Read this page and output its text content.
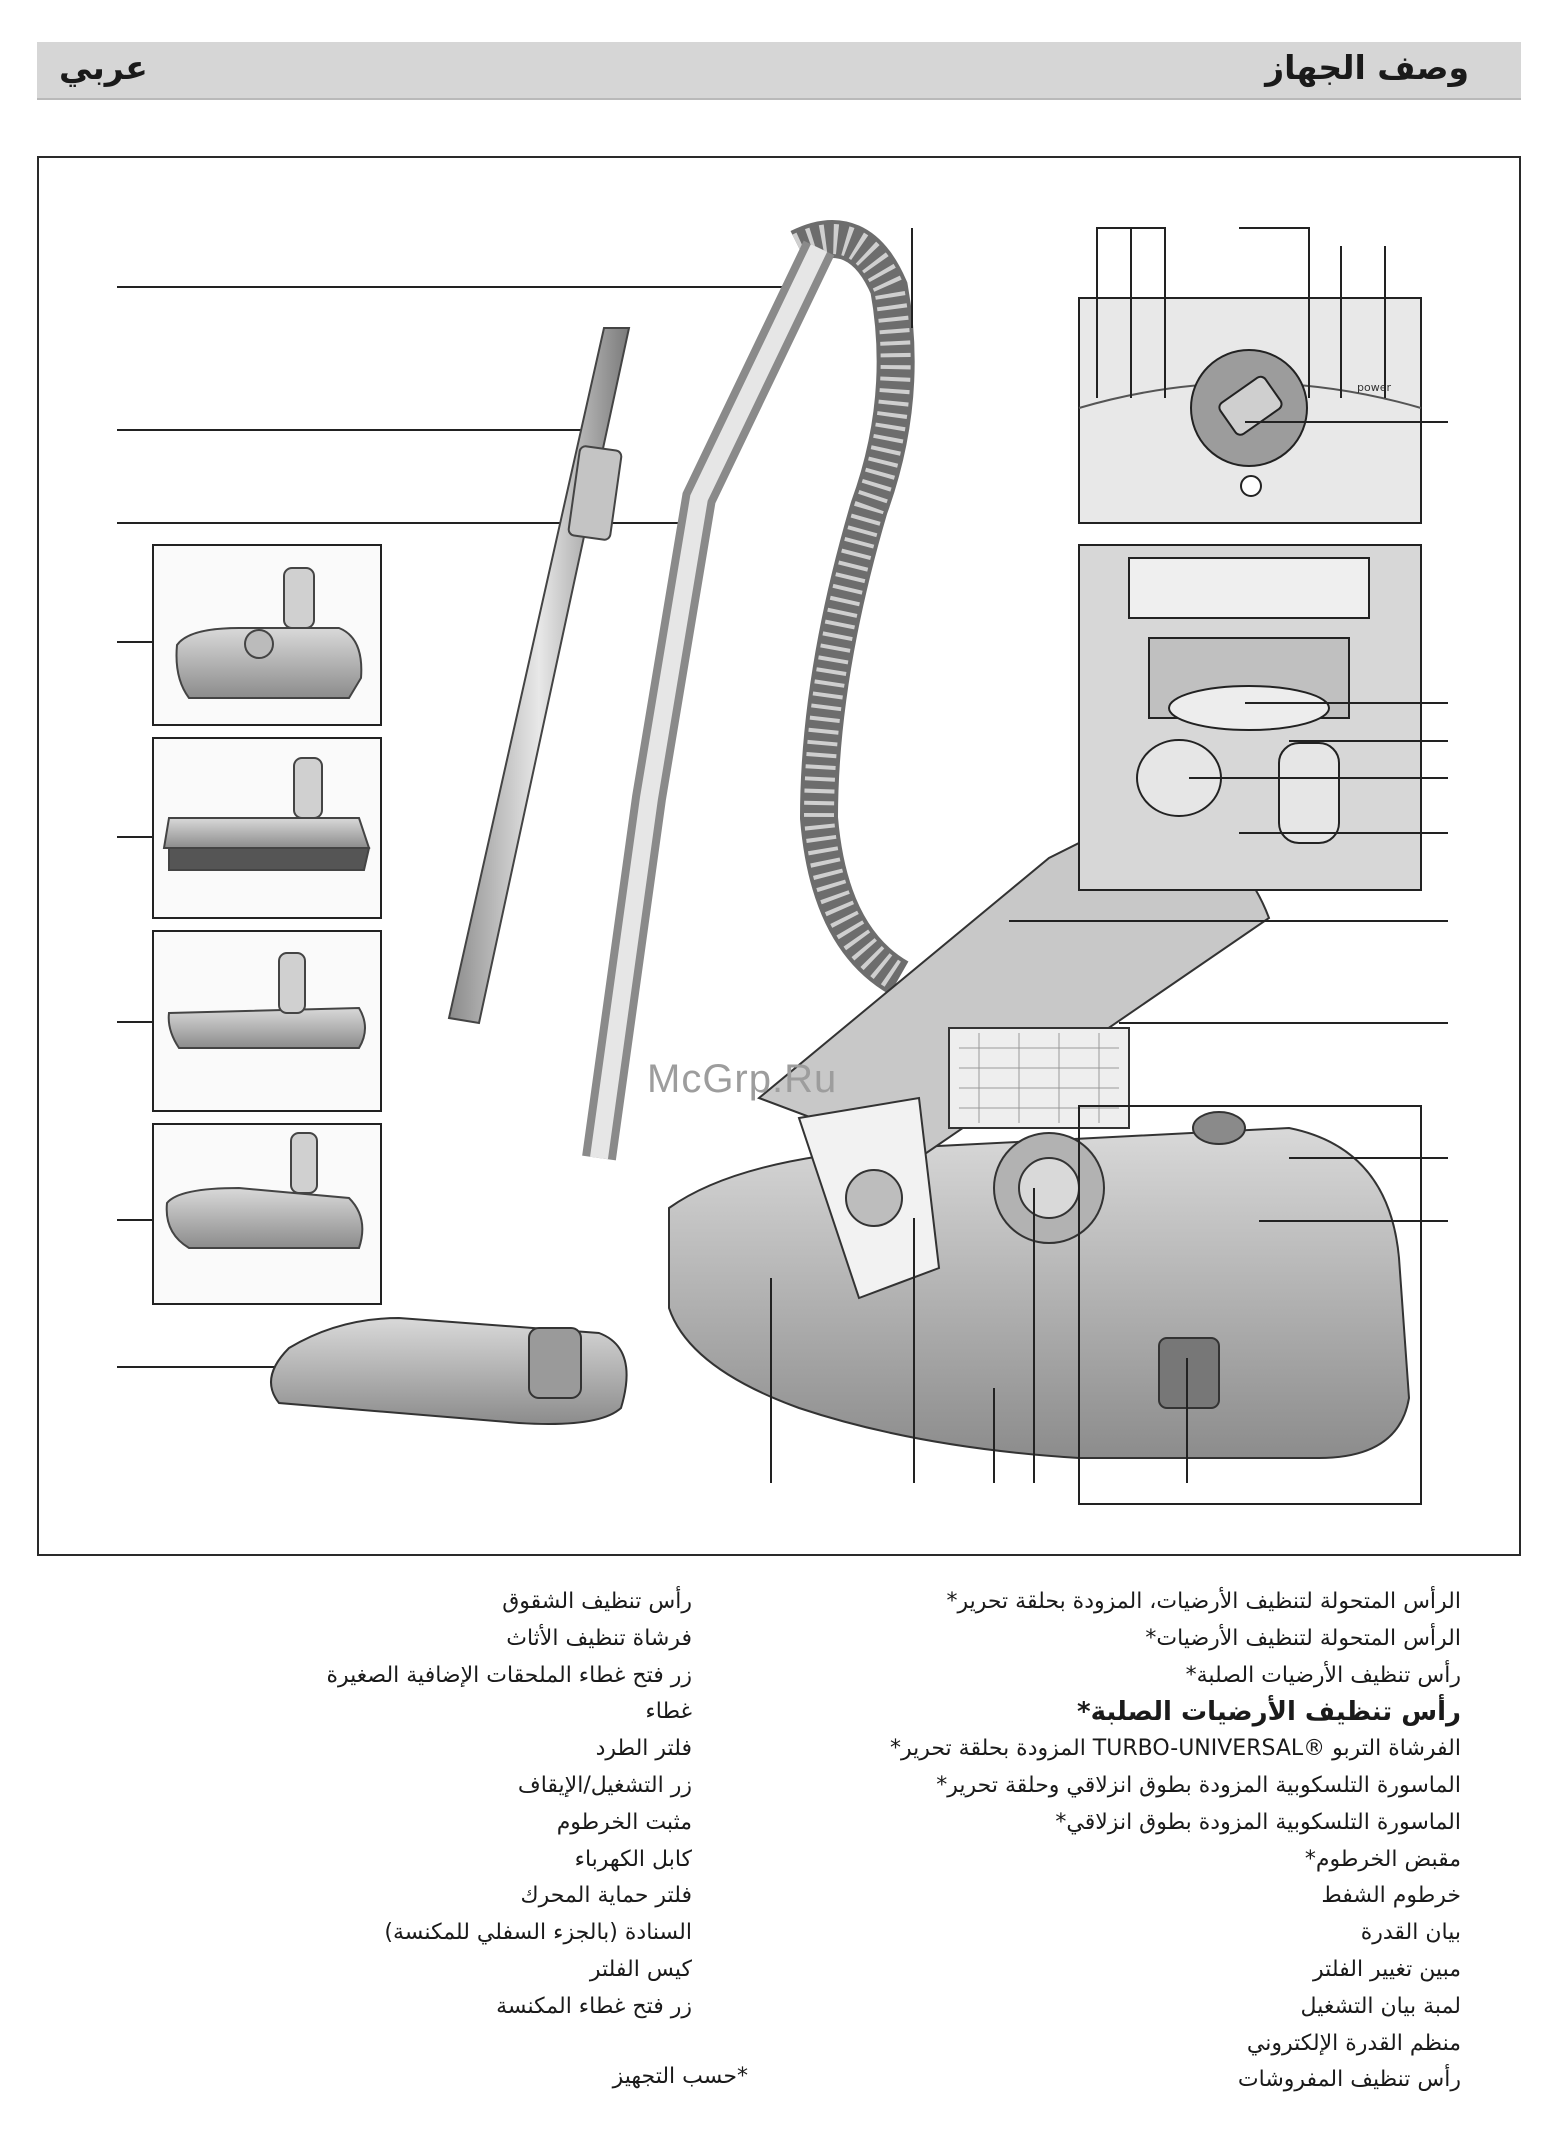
وصف الجهاز
عربي
power
McGrp.Ru
الرأس المتحولة لتنظيف الأرضيات، المزودة بحلقة تحرير*
الرأس المتحولة لتنظيف الأرضيات*
رأس تنظيف الأرضيات الصلبة*
رأس تنظيف الأرضيات الصلبة*
الفرشاة التربو ®TURBO-UNIVERSAL المزودة بحلقة تحرير*
الماسورة التلسكوبية المزودة بطوق انزلاقي وحلقة تحرير*
الماسورة التلسكوبية المزودة بطوق انزلاقي*
مقبض الخرطوم*
خرطوم الشفط
بيان القدرة
مبين تغيير الفلتر
لمبة بيان التشغيل
منظم القدرة الإلكتروني
رأس تنظيف المفروشات
رأس تنظيف الشقوق
فرشاة تنظيف الأثاث
زر فتح غطاء الملحقات الإضافية الصغيرة
غطاء
فلتر الطرد
زر التشغيل/الإيقاف
مثبت الخرطوم
كابل الكهرباء
فلتر حماية المحرك
السنادة (بالجزء السفلي للمكنسة)
كيس الفلتر
زر فتح غطاء المكنسة
*حسب التجهيز
